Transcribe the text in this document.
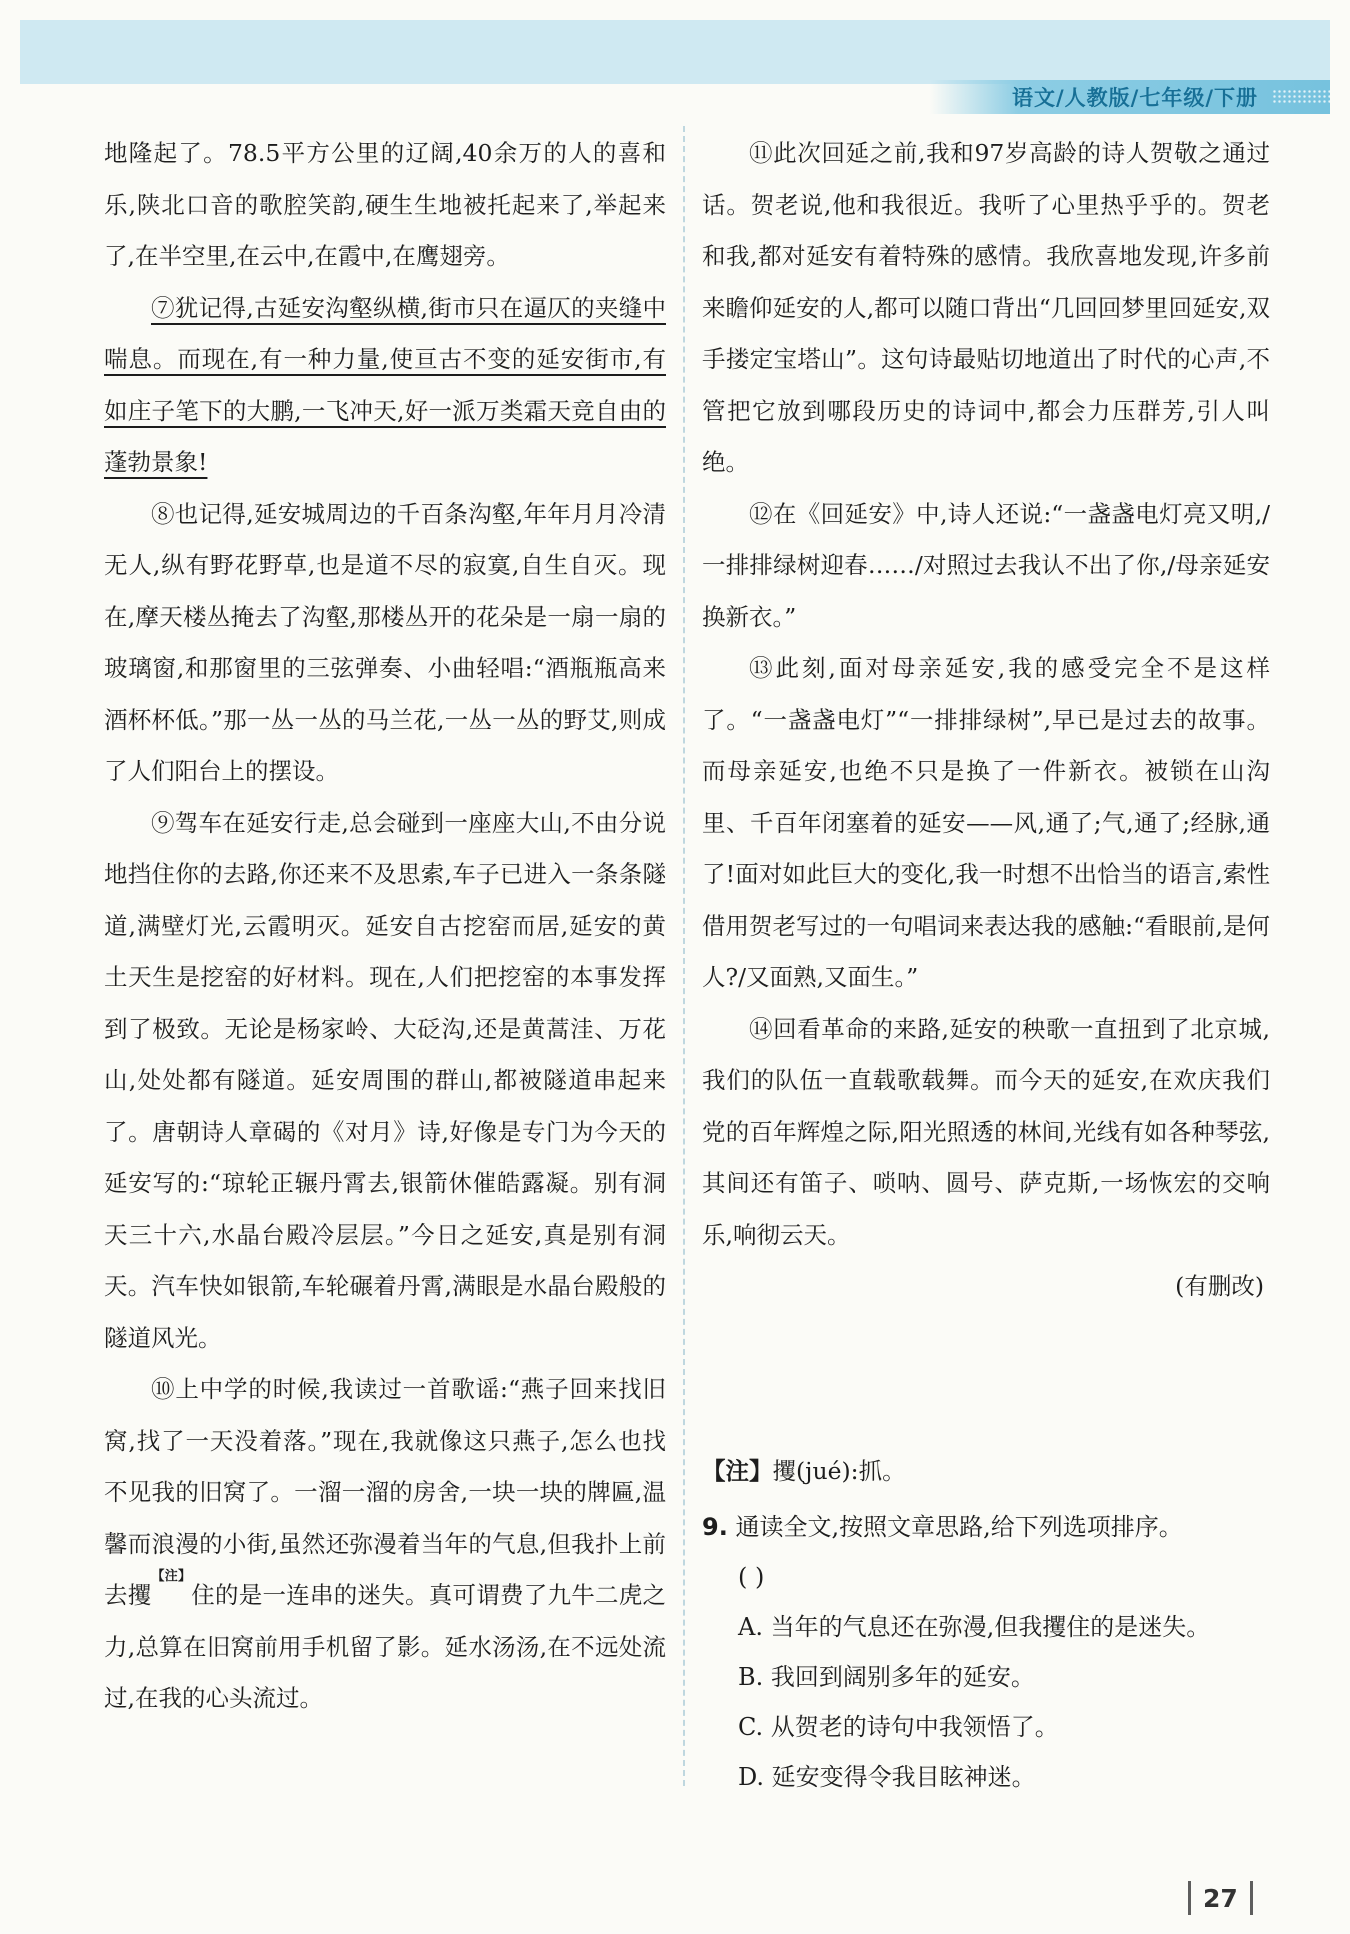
语文/人教版/七年级/下册

地隆起了。78.5平方公里的辽阔,40余万的人的喜和乐,陕北口音的歌腔笑韵,硬生生地被托起来了,举起来了,在半空里,在云中,在霞中,在鹰翅旁。

⑦犹记得,古延安沟壑纵横,街市只在逼仄的夹缝中喘息。而现在,有一种力量,使亘古不变的延安街市,有如庄子笔下的大鹏,一飞冲天,好一派万类霜天竞自由的蓬勃景象!

⑧也记得,延安城周边的千百条沟壑,年年月月冷清无人,纵有野花野草,也是道不尽的寂寞,自生自灭。现在,摩天楼丛掩去了沟壑,那楼丛开的花朵是一扇一扇的玻璃窗,和那窗里的三弦弹奏、小曲轻唱:“酒瓶瓶高来酒杯杯低。”那一丛一丛的马兰花,一丛一丛的野艾,则成了人们阳台上的摆设。

⑨驾车在延安行走,总会碰到一座座大山,不由分说地挡住你的去路,你还来不及思索,车子已进入一条条隧道,满壁灯光,云霞明灭。延安自古挖窑而居,延安的黄土天生是挖窑的好材料。现在,人们把挖窑的本事发挥到了极致。无论是杨家岭、大砭沟,还是黄蒿洼、万花山,处处都有隧道。延安周围的群山,都被隧道串起来了。唐朝诗人章碣的《对月》诗,好像是专门为今天的延安写的:“琼轮正辗丹霄去,银箭休催皓露凝。别有洞天三十六,水晶台殿冷层层。”今日之延安,真是别有洞天。汽车快如银箭,车轮碾着丹霄,满眼是水晶台殿般的隧道风光。

⑩上中学的时候,我读过一首歌谣:“燕子回来找旧窝,找了一天没着落。”现在,我就像这只燕子,怎么也找不见我的旧窝了。一溜一溜的房舍,一块一块的牌匾,温馨而浪漫的小街,虽然还弥漫着当年的气息,但我扑上前去攫$^{【注】}$住的是一连串的迷失。真可谓费了九牛二虎之力,总算在旧窝前用手机留了影。延水汤汤,在不远处流过,在我的心头流过。

⑪此次回延之前,我和97岁高龄的诗人贺敬之通过话。贺老说,他和我很近。我听了心里热乎乎的。贺老和我,都对延安有着特殊的感情。我欣喜地发现,许多前来瞻仰延安的人,都可以随口背出“几回回梦里回延安,双手搂定宝塔山”。这句诗最贴切地道出了时代的心声,不管把它放到哪段历史的诗词中,都会力压群芳,引人叫绝。

⑫在《回延安》中,诗人还说:“一盏盏电灯亮又明,/一排排绿树迎春……/对照过去我认不出了你,/母亲延安换新衣。”

⑬此刻,面对母亲延安,我的感受完全不是这样了。“一盏盏电灯”“一排排绿树”,早已是过去的故事。而母亲延安,也绝不只是换了一件新衣。被锁在山沟里、千百年闭塞着的延安——风,通了;气,通了;经脉,通了!面对如此巨大的变化,我一时想不出恰当的语言,索性借用贺老写过的一句唱词来表达我的感触:“看眼前,是何人?/又面熟,又面生。”

⑭回看革命的来路,延安的秧歌一直扭到了北京城,我们的队伍一直载歌载舞。而今天的延安,在欢庆我们党的百年辉煌之际,阳光照透的林间,光线有如各种琴弦,其间还有笛子、唢呐、圆号、萨克斯,一场恢宏的交响乐,响彻云天。

(有删改)

【注】攫(jué):抓。
9. 通读全文,按照文章思路,给下列选项排序。
( )
A. 当年的气息还在弥漫,但我攫住的是迷失。
B. 我回到阔别多年的延安。
C. 从贺老的诗句中我领悟了。
D. 延安变得令我目眩神迷。
27
